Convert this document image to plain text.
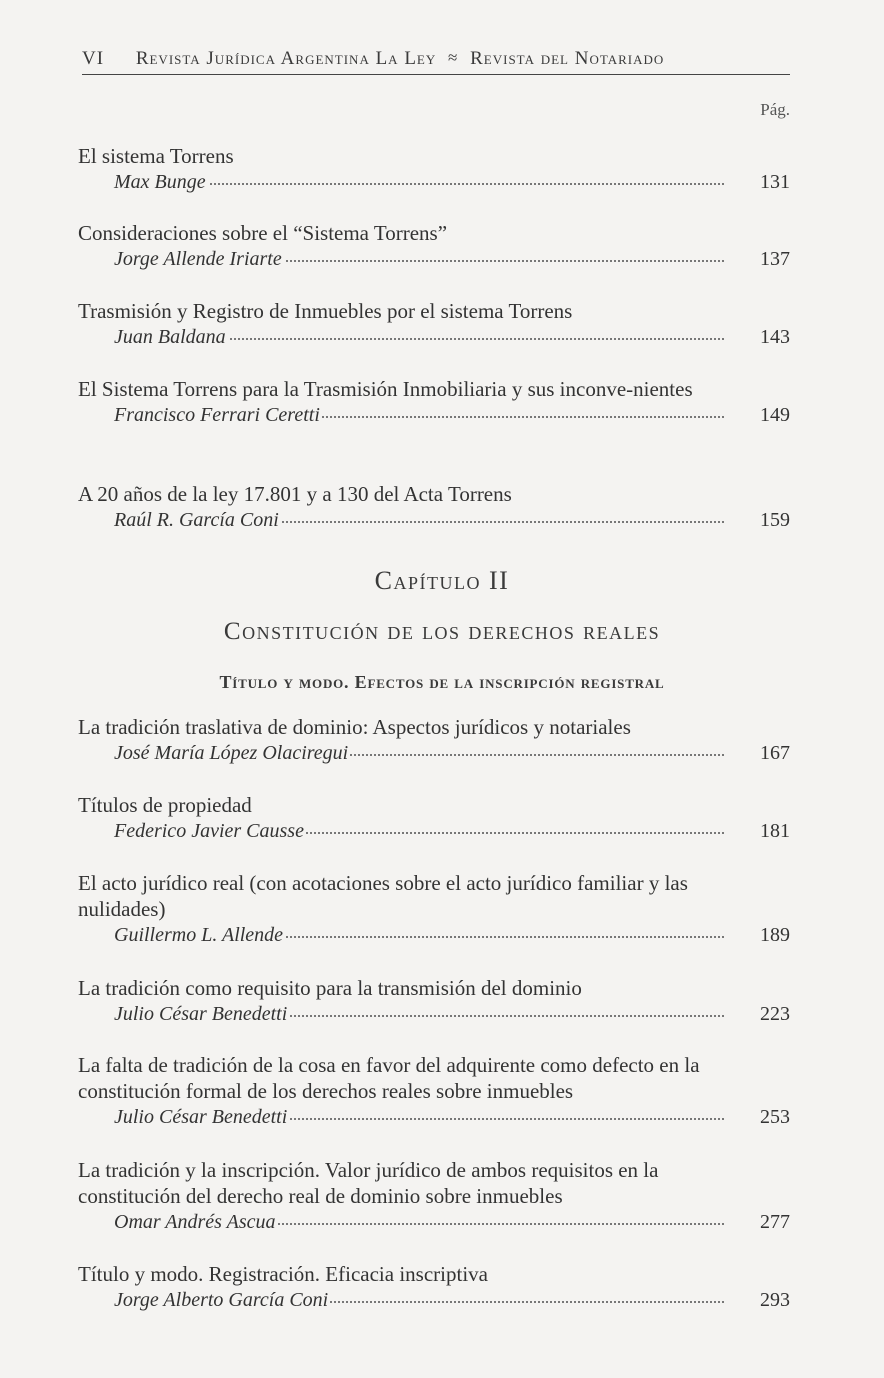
VI Revista Jurídica Argentina La Ley ≈ Revista del Notariado
Pág.
El sistema Torrens
Max Bunge	131
Consideraciones sobre el “Sistema Torrens”
Jorge Allende Iriarte	137
Trasmisión y Registro de Inmuebles por el sistema Torrens
Juan Baldana	143
El Sistema Torrens para la Trasmisión Inmobiliaria y sus inconve-nientes
Francisco Ferrari Ceretti	149
A 20 años de la ley 17.801 y a 130 del Acta Torrens
Raúl R. García Coni	159
Capítulo II
Constitución de los derechos reales
Título y modo. Efectos de la inscripción registral
La tradición traslativa de dominio: Aspectos jurídicos y notariales
José María López Olaciregui	167
Títulos de propiedad
Federico Javier Causse	181
El acto jurídico real (con acotaciones sobre el acto jurídico familiar y las nulidades)
Guillermo L. Allende	189
La tradición como requisito para la transmisión del dominio
Julio César Benedetti	223
La falta de tradición de la cosa en favor del adquirente como defecto en la constitución formal de los derechos reales sobre inmuebles
Julio César Benedetti	253
La tradición y la inscripción. Valor jurídico de ambos requisitos en la constitución del derecho real de dominio sobre inmuebles
Omar Andrés Ascua	277
Título y modo. Registración. Eficacia inscriptiva
Jorge Alberto García Coni	293
